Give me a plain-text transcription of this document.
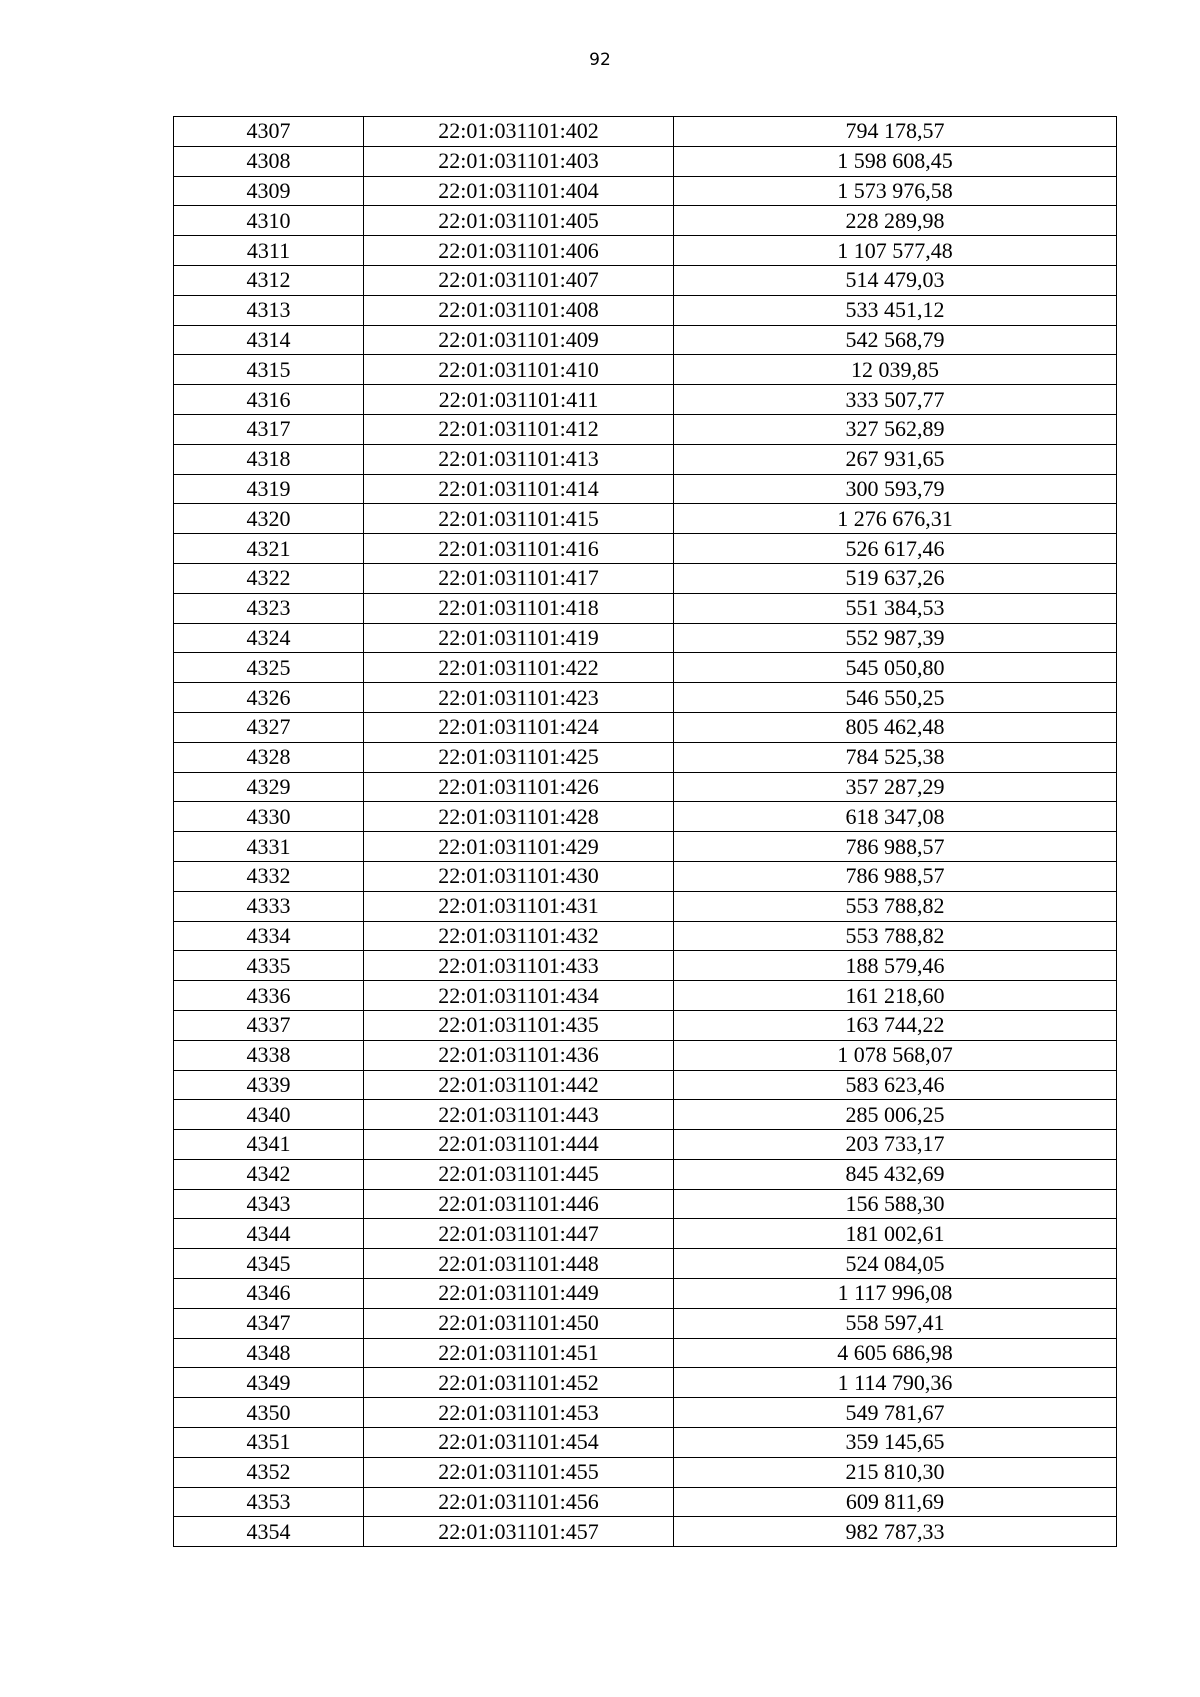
92
4307	22:01:031101:402	794 178,57
4308	22:01:031101:403	1 598 608,45
4309	22:01:031101:404	1 573 976,58
4310	22:01:031101:405	228 289,98
4311	22:01:031101:406	1 107 577,48
4312	22:01:031101:407	514 479,03
4313	22:01:031101:408	533 451,12
4314	22:01:031101:409	542 568,79
4315	22:01:031101:410	12 039,85
4316	22:01:031101:411	333 507,77
4317	22:01:031101:412	327 562,89
4318	22:01:031101:413	267 931,65
4319	22:01:031101:414	300 593,79
4320	22:01:031101:415	1 276 676,31
4321	22:01:031101:416	526 617,46
4322	22:01:031101:417	519 637,26
4323	22:01:031101:418	551 384,53
4324	22:01:031101:419	552 987,39
4325	22:01:031101:422	545 050,80
4326	22:01:031101:423	546 550,25
4327	22:01:031101:424	805 462,48
4328	22:01:031101:425	784 525,38
4329	22:01:031101:426	357 287,29
4330	22:01:031101:428	618 347,08
4331	22:01:031101:429	786 988,57
4332	22:01:031101:430	786 988,57
4333	22:01:031101:431	553 788,82
4334	22:01:031101:432	553 788,82
4335	22:01:031101:433	188 579,46
4336	22:01:031101:434	161 218,60
4337	22:01:031101:435	163 744,22
4338	22:01:031101:436	1 078 568,07
4339	22:01:031101:442	583 623,46
4340	22:01:031101:443	285 006,25
4341	22:01:031101:444	203 733,17
4342	22:01:031101:445	845 432,69
4343	22:01:031101:446	156 588,30
4344	22:01:031101:447	181 002,61
4345	22:01:031101:448	524 084,05
4346	22:01:031101:449	1 117 996,08
4347	22:01:031101:450	558 597,41
4348	22:01:031101:451	4 605 686,98
4349	22:01:031101:452	1 114 790,36
4350	22:01:031101:453	549 781,67
4351	22:01:031101:454	359 145,65
4352	22:01:031101:455	215 810,30
4353	22:01:031101:456	609 811,69
4354	22:01:031101:457	982 787,33
